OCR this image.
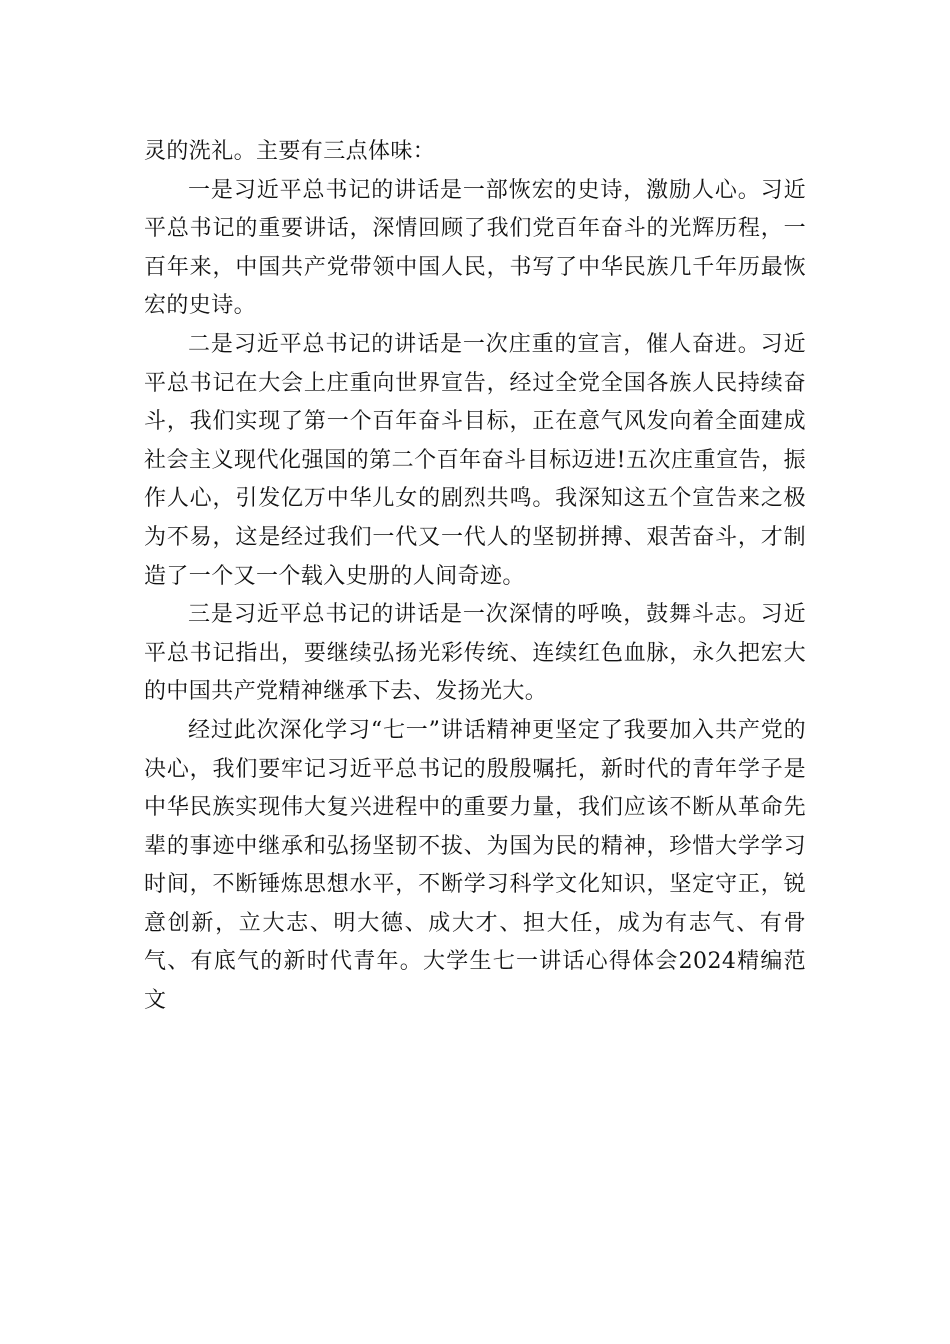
灵的洗礼。主要有三点体味：

一是习近平总书记的讲话是一部恢宏的史诗，激励人心。习近平总书记的重要讲话，深情回顾了我们党百年奋斗的光辉历程，一百年来，中国共产党带领中国人民，书写了中华民族几千年历最恢宏的史诗。

二是习近平总书记的讲话是一次庄重的宣言，催人奋进。习近平总书记在大会上庄重向世界宣告，经过全党全国各族人民持续奋斗，我们实现了第一个百年奋斗目标，正在意气风发向着全面建成社会主义现代化强国的第二个百年奋斗目标迈进!五次庄重宣告，振作人心，引发亿万中华儿女的剧烈共鸣。我深知这五个宣告来之极为不易，这是经过我们一代又一代人的坚韧拼搏、艰苦奋斗，才制造了一个又一个载入史册的人间奇迹。

三是习近平总书记的讲话是一次深情的呼唤，鼓舞斗志。习近平总书记指出，要继续弘扬光彩传统、连续红色血脉，永久把宏大的中国共产党精神继承下去、发扬光大。

经过此次深化学习“七一”讲话精神更坚定了我要加入共产党的决心，我们要牢记习近平总书记的殷殷嘱托，新时代的青年学子是中华民族实现伟大复兴进程中的重要力量，我们应该不断从革命先辈的事迹中继承和弘扬坚韧不拔、为国为民的精神，珍惜大学学习时间，不断锤炼思想水平，不断学习科学文化知识，坚定守正，锐意创新，立大志、明大德、成大才、担大任，成为有志气、有骨气、有底气的新时代青年。大学生七一讲话心得体会2024精编范文
